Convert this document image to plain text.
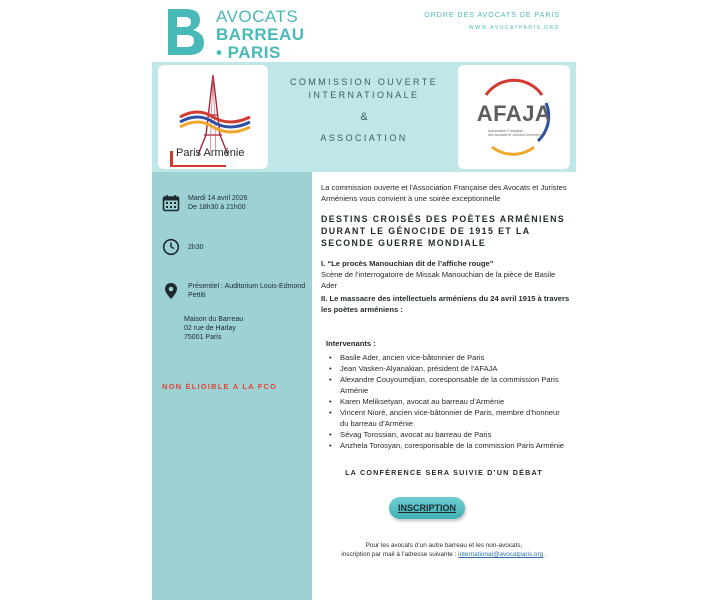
AVOCATS
BARREAU
• PARIS
ORDRE DES AVOCATS DE PARIS
WWW.AVOCATPARIS.ORG
Paris Arménie
COMMISSION OUVERTE
INTERNATIONALE
&
ASSOCIATION
AFAJA
Association Française
des Avocats et Juristes Arméniens
Mardi 14 avril 2026
De 18h30 à 21h00
2h30
Présentiel : Auditorium Louis-Edmond
Pettiti
Maison du Barreau
02 rue de Harlay
75001 Paris
NON ÉLIGIBLE A LA FCO
La commission ouverte et l'Association Française des Avocats et Juristes Arméniens vous convient à une soirée exceptionnelle
DESTINS CROISÉS DES POÈTES ARMÉNIENS DURANT LE GÉNOCIDE DE 1915 ET LA SECONDE GUERRE MONDIALE
I. “Le procès Manouchian dit de l’affiche rouge”
Scène de l’interrogatoire de Missak Manouchian de la pièce de Basile Ader
II. Le massacre des intellectuels arméniens du 24 avril 1915 à travers les poètes arméniens :
Intervenants :
• Basile Ader, ancien vice-bâtonnier de Paris
• Jean Vasken-Alyanakian, président de l'AFAJA
• Alexandre Couyoumdjian, coresponsable de la commission Paris Arménie
• Karen Meliksetyan, avocat au barreau d’Arménie
• Vincent Nioré, ancien vice-bâtonnier de Paris, membre d’honneur du barreau d’Arménie
• Sévag Torossian, avocat au barreau de Paris
• Anzhela Torosyan, coresponsable de la commission Paris Arménie
LA CONFÉRENCE SERA SUIVIE D’UN DÉBAT
INSCRIPTION
Pour les avocats d’un autre barreau et les non-avocats,
inscription par mail à l’adresse suivante : international@avocatparis.org .
